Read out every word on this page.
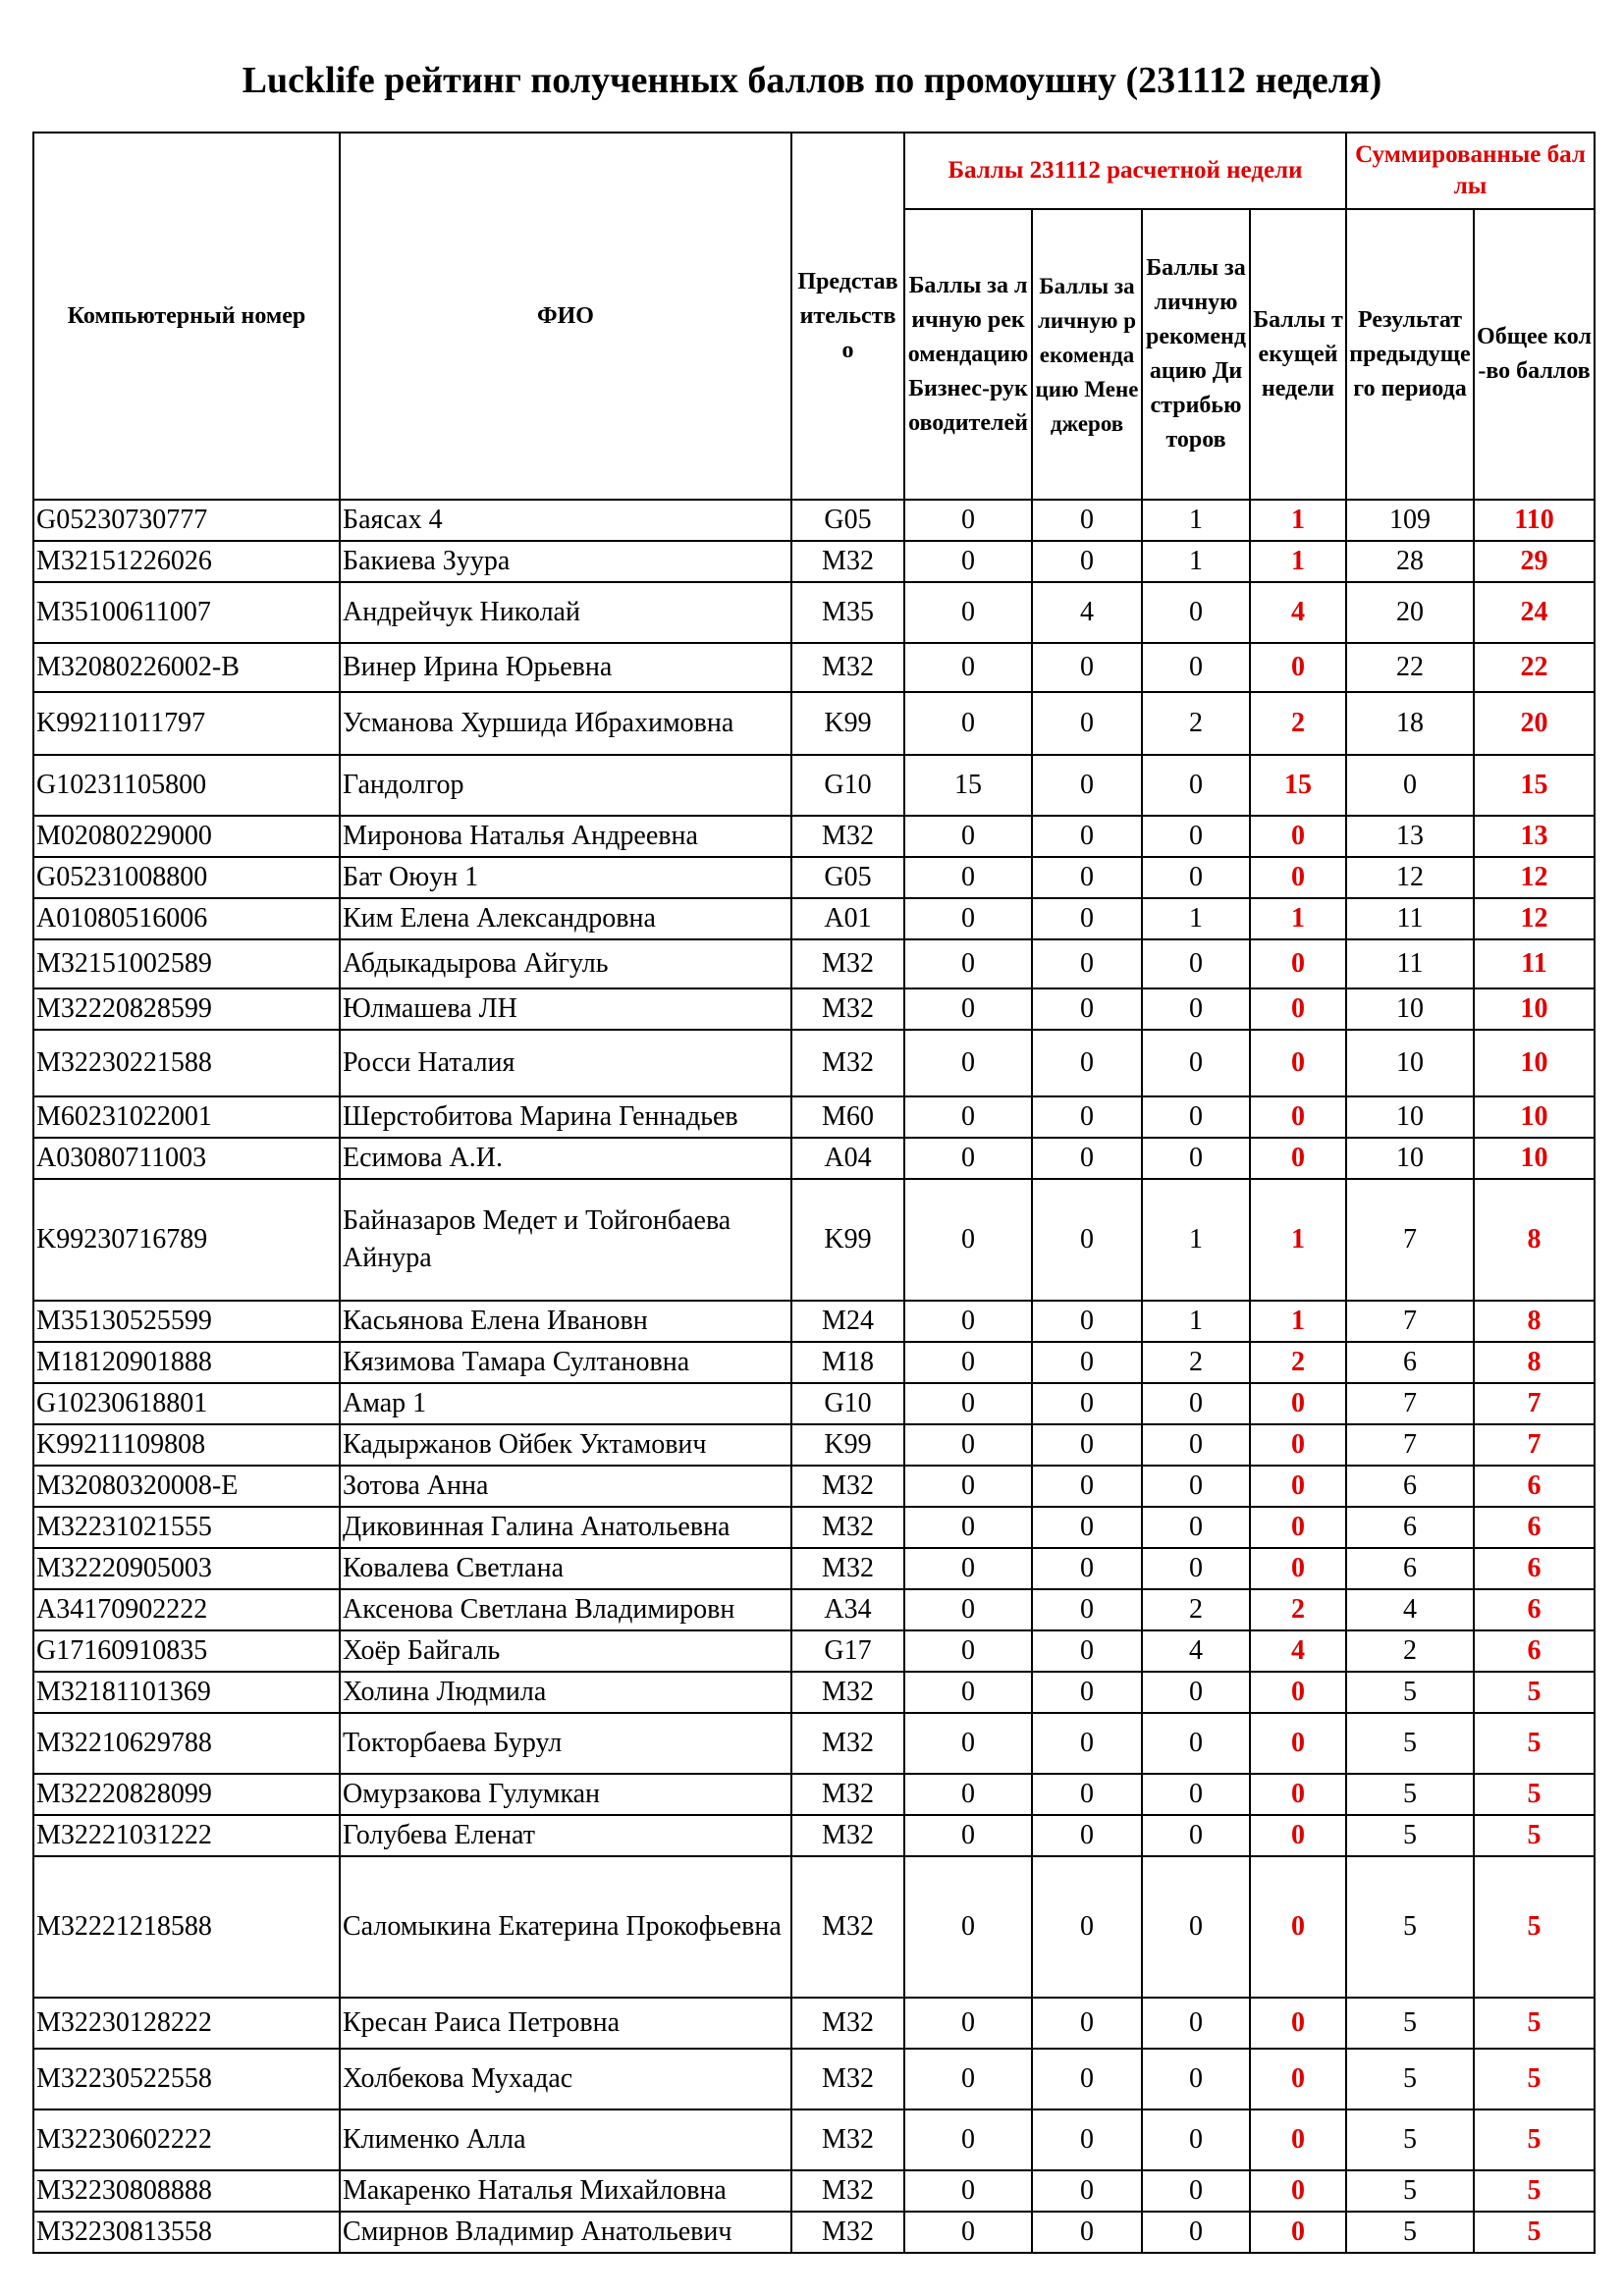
Lucklife рейтинг полученных баллов по промоушну (231112 неделя)
Компьютерный номер	ФИО	Представительство	Баллы 231112 расчетной недели				Суммированные баллы	
			Баллы за личную рекомендацию Бизнес-руководителей	Баллы за личную рекомендацию Менеджеров	Баллы за личную рекомендацию Дистрибьюторов	Баллы текущей недели	Результат предыдущего периода	Общее кол-во баллов
G05230730777	Баясах 4	G05	0	0	1	1	109	110
M32151226026	Бакиева Зуура	M32	0	0	1	1	28	29
M35100611007	Андрейчук Николай	M35	0	4	0	4	20	24
M32080226002-B	Винер Ирина Юрьевна	M32	0	0	0	0	22	22
K99211011797	Усманова Хуршида Ибрахимовна	K99	0	0	2	2	18	20
G10231105800	Гандолгор	G10	15	0	0	15	0	15
M02080229000	Миронова Наталья Андреевна	M32	0	0	0	0	13	13
G05231008800	Бат Оюун 1	G05	0	0	0	0	12	12
A01080516006	Ким Елена Александровна	A01	0	0	1	1	11	12
M32151002589	Абдыкадырова Айгуль	M32	0	0	0	0	11	11
M32220828599	Юлмашева ЛН	M32	0	0	0	0	10	10
M32230221588	Росси Наталия	M32	0	0	0	0	10	10
M60231022001	Шерстобитова Марина Геннадьев	M60	0	0	0	0	10	10
A03080711003	Есимова А.И.	A04	0	0	0	0	10	10
K99230716789	Байназаров Медет и Тойгонбаева Айнура	K99	0	0	1	1	7	8
M35130525599	Касьянова Елена Ивановн	M24	0	0	1	1	7	8
M18120901888	Кязимова Тамара Султановна	M18	0	0	2	2	6	8
G10230618801	Амар 1	G10	0	0	0	0	7	7
K99211109808	Кадыржанов Ойбек Уктамович	K99	0	0	0	0	7	7
M32080320008-E	Зотова Анна	M32	0	0	0	0	6	6
M32231021555	Диковинная Галина Анатольевна	M32	0	0	0	0	6	6
M32220905003	Ковалева Светлана	M32	0	0	0	0	6	6
A34170902222	Аксенова Светлана Владимировн	A34	0	0	2	2	4	6
G17160910835	Хоёр Байгаль	G17	0	0	4	4	2	6
M32181101369	Холина Людмила	M32	0	0	0	0	5	5
M32210629788	Токторбаева Бурул	M32	0	0	0	0	5	5
M32220828099	Омурзакова Гулумкан	M32	0	0	0	0	5	5
M32221031222	Голубева Еленат	M32	0	0	0	0	5	5
M32221218588	Саломыкина Екатерина Прокофьевна	M32	0	0	0	0	5	5
M32230128222	Кресан Раиса Петровна	M32	0	0	0	0	5	5
M32230522558	Холбекова Мухадас	M32	0	0	0	0	5	5
M32230602222	Клименко Алла	M32	0	0	0	0	5	5
M32230808888	Макаренко Наталья Михайловна	M32	0	0	0	0	5	5
M32230813558	Смирнов Владимир Анатольевич	M32	0	0	0	0	5	5
